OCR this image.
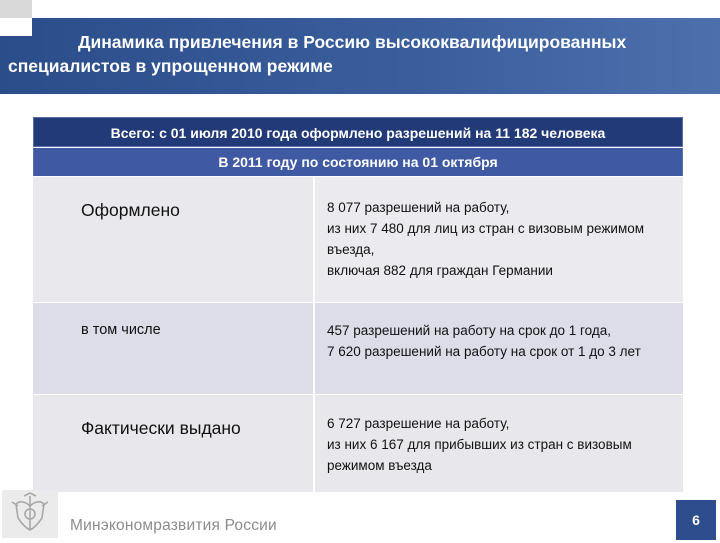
Динамика привлечения в Россию высококвалифицированных специалистов в упрощенном режиме
Всего: с 01 июля 2010 года оформлено разрешений на 11 182 человека
В 2011 году по состоянию на 01 октября
Оформлено	8 077 разрешений на работу,
из них 7 480 для лиц из стран с визовым режимом въезда,
включая 882 для граждан Германии
в том числе	457 разрешений на работу на срок до 1 года,
7 620 разрешений на работу на срок от 1 до 3 лет
Фактически выдано	6 727 разрешение на работу,
из них 6 167 для прибывших из стран с визовым режимом въезда
Минэкономразвития России	6
